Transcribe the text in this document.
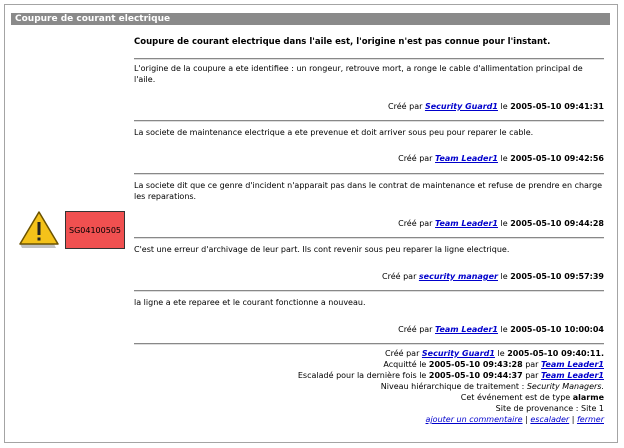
Coupure de courant electrique
SG04100505
Coupure de courant electrique dans l'aile est, l'origine n'est pas connue pour l'instant.
L'origine de la coupure a ete identifiee : un rongeur, retrouve mort, a ronge le cable d'allimentation principal de l'aile.
Créé par Security Guard1 le 2005-05-10 09:41:31
La societe de maintenance electrique a ete prevenue et doit arriver sous peu pour reparer le cable.
Créé par Team Leader1 le 2005-05-10 09:42:56
La societe dit que ce genre d'incident n'apparait pas dans le contrat de maintenance et refuse de prendre en charge les reparations.
Créé par Team Leader1 le 2005-05-10 09:44:28
C'est une erreur d'archivage de leur part. Ils cont revenir sous peu reparer la ligne electrique.
Créé par security manager le 2005-05-10 09:57:39
la ligne a ete reparee et le courant fonctionne a nouveau.
Créé par Team Leader1 le 2005-05-10 10:00:04
Créé par Security Guard1 le 2005-05-10 09:40:11.
Acquitté le 2005-05-10 09:43:28 par Team Leader1
Escaladé pour la dernière fois le 2005-05-10 09:44:37 par Team Leader1
Niveau hiérarchique de traitement : Security Managers.
Cet événement est de type alarme
Site de provenance : Site 1
ajouter un commentaire | escalader | fermer
